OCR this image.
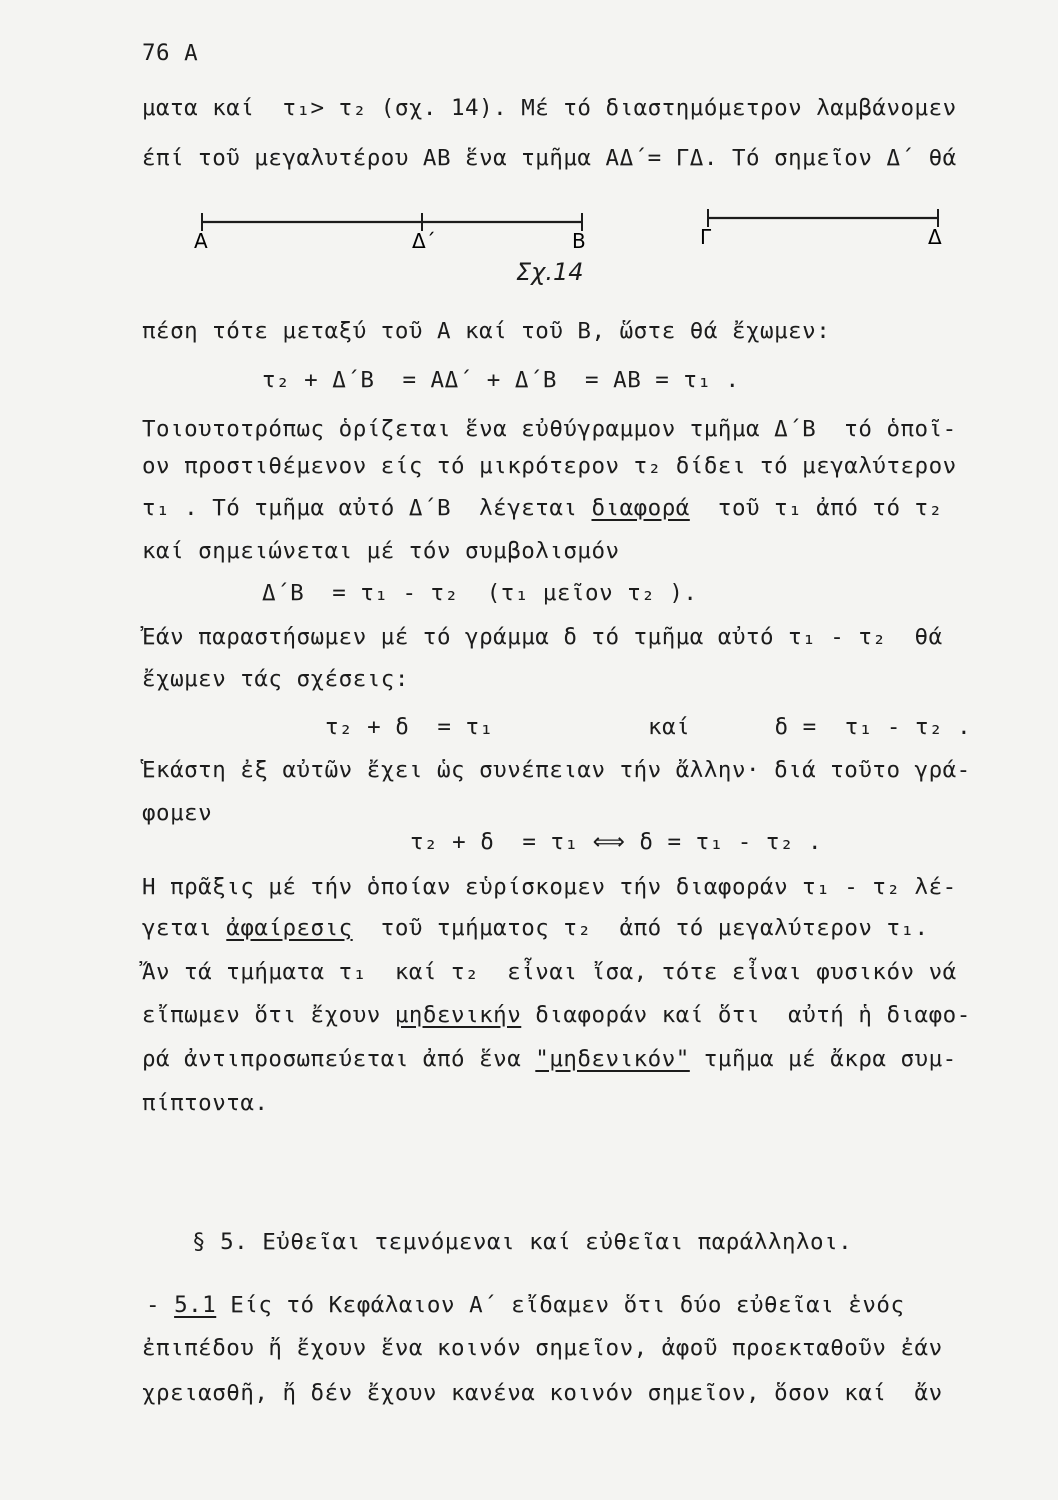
76 Α
ματα καί  τ₁> τ₂ (σχ. 14). Μέ τό διαστημόμετρον λαμβάνομεν
έπί τοῦ μεγαλυτέρου ΑΒ ἕνα τμῆμα ΑΔ΄= ΓΔ. Τό σημεῖον Δ΄ θά
Α	Δ΄	Β	Γ	Δ
Σχ.14
πέση τότε μεταξύ τοῦ Α καί τοῦ Β, ὥστε θά ἔχωμεν:
τ₂ + Δ΄Β  = ΑΔ΄ + Δ΄Β  = ΑΒ = τ₁ .
Τοιουτοτρόπως ὁρίζεται ἕνα εὐθύγραμμον τμῆμα Δ΄Β  τό ὁποῖ-
ον προστιθέμενον είς τό μικρότερον τ₂ δίδει τό μεγαλύτερον
τ₁ . Τό τμῆμα αὐτό Δ΄Β  λέγεται διαφορά  τοῦ τ₁ ἀπό τό τ₂
καί σημειώνεται μέ τόν συμβολισμόν
Δ΄Β  = τ₁ - τ₂  (τ₁ μεῖον τ₂ ).
Ἐάν παραστήσωμεν μέ τό γράμμα δ τό τμῆμα αὐτό τ₁ - τ₂  θά
ἔχωμεν τάς σχέσεις:
τ₂ + δ  = τ₁           καί      δ =  τ₁ - τ₂ .
Ἑκάστη ἐξ αὐτῶν ἔχει ὡς συνέπειαν τήν ἄλλην· διά τοῦτο γρά-
φομεν
τ₂ + δ  = τ₁ ⟺ δ = τ₁ - τ₂ .
Η πρᾶξις μέ τήν ὁποίαν εὑρίσκομεν τήν διαφοράν τ₁ - τ₂ λέ-
γεται ἀφαίρεσις  τοῦ τμήματος τ₂  ἀπό τό μεγαλύτερον τ₁.
Ἄν τά τμήματα τ₁  καί τ₂  εἶναι ἴσα, τότε εἶναι φυσικόν νά
εἴπωμεν ὅτι ἔχουν μηδενικήν διαφοράν καί ὅτι  αὐτή ἡ διαφο-
ρά ἀντιπροσωπεύεται ἀπό ἕνα "μηδενικόν" τμῆμα μέ ἄκρα συμ-
πίπτοντα.
§ 5. Εὐθεῖαι τεμνόμεναι καί εὐθεῖαι παράλληλοι.
- 5.1 Είς τό Κεφάλαιον Α΄ εἴδαμεν ὅτι δύο εὐθεῖαι ἑνός
ἐπιπέδου ἤ ἔχουν ἕνα κοινόν σημεῖον, ἀφοῦ προεκταθοῦν ἐάν
χρειασθῆ, ἤ δέν ἔχουν κανένα κοινόν σημεῖον, ὅσον καί  ἄν
